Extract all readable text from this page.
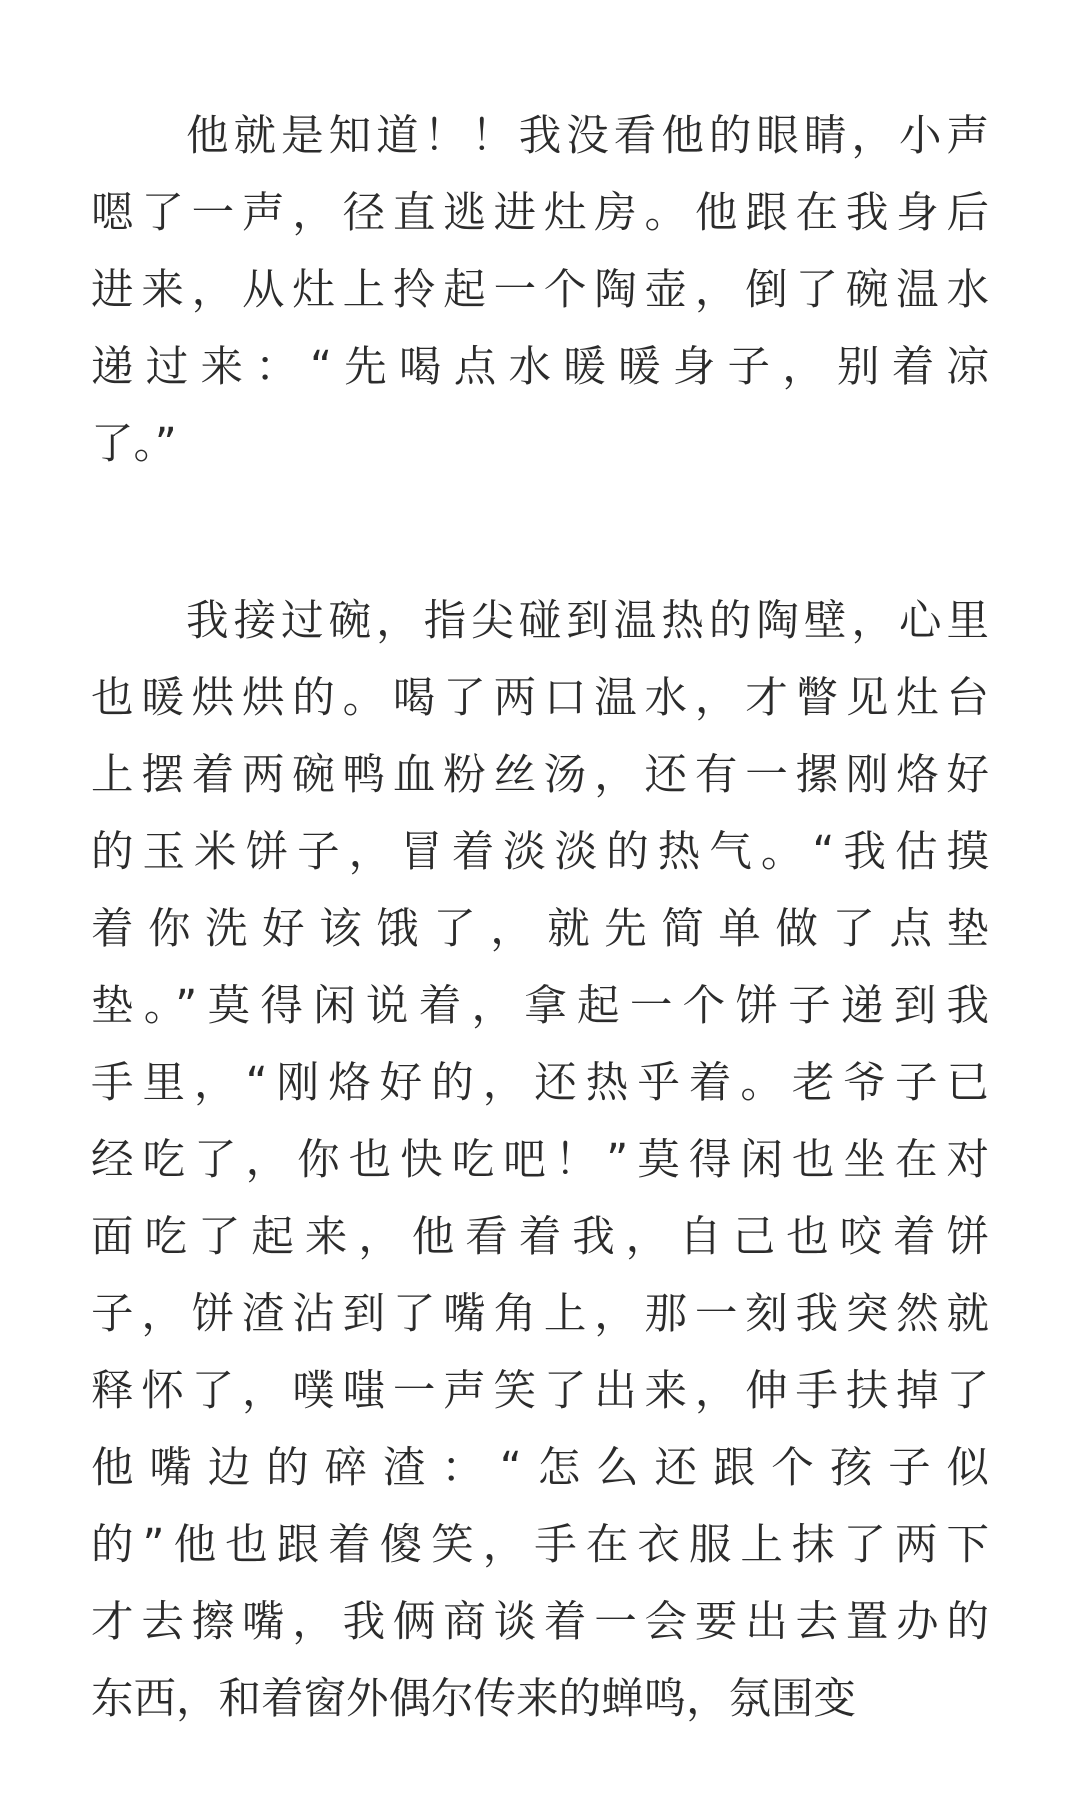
　　他就是知道！！我没看他的眼睛，小声
嗯了一声，径直逃进灶房。他跟在我身后
进来，从灶上拎起一个陶壶，倒了碗温水
递过来：“先喝点水暖暖身子，别着凉
了。”
　　我接过碗，指尖碰到温热的陶壁，心里
也暖烘烘的。喝了两口温水，才瞥见灶台
上摆着两碗鸭血粉丝汤，还有一摞刚烙好
的玉米饼子，冒着淡淡的热气。“我估摸
着你洗好该饿了，就先简单做了点垫
垫。”莫得闲说着，拿起一个饼子递到我
手里，“刚烙好的，还热乎着。老爷子已
经吃了，你也快吃吧！”莫得闲也坐在对
面吃了起来，他看着我，自己也咬着饼
子，饼渣沾到了嘴角上，那一刻我突然就
释怀了，噗嗤一声笑了出来，伸手扶掉了
他嘴边的碎渣：“怎么还跟个孩子似
的”他也跟着傻笑，手在衣服上抹了两下
才去擦嘴，我俩商谈着一会要出去置办的
东西，和着窗外偶尔传来的蝉鸣，氛围变
